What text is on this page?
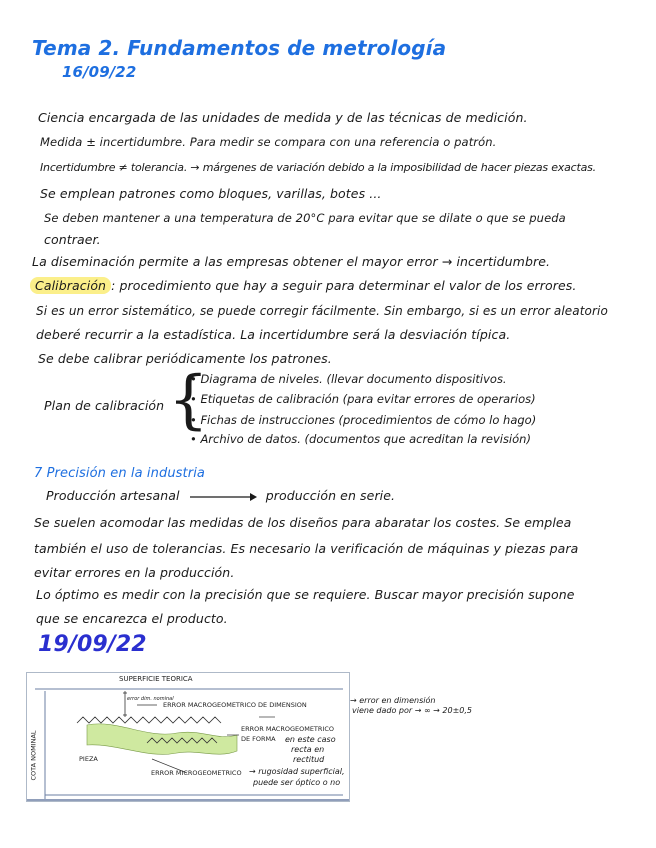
Tema 2. Fundamentos de metrología
16/09/22
Ciencia encargada de las unidades de medida y de las técnicas de medición.
Medida ± incertidumbre. Para medir se compara con una referencia o patrón.
Incertidumbre ≠ tolerancia. → márgenes de variación debido a la imposibilidad de hacer piezas exactas.
Se emplean patrones como bloques, varillas, botes ...
Se deben mantener a una temperatura de 20°C para evitar que se dilate o que se pueda
contraer.
La diseminación permite a las empresas obtener el mayor error → incertidumbre.
Calibración : procedimiento que hay a seguir para determinar el valor de los errores.
Si es un error sistemático, se puede corregir fácilmente. Sin embargo, si es un error aleatorio
deberé recurrir a la estadística. La incertidumbre será la desviación típica.
Se debe calibrar periódicamente los patrones.
Plan de calibración {
• Diagrama de niveles. (llevar documento dispositivos.
• Etiquetas de calibración (para evitar errores de operarios)
• Fichas de instrucciones (procedimientos de cómo lo hago)
• Archivo de datos. (documentos que acreditan la revisión)
7 Precisión en la industria
Producción artesanal	producción en serie.
Se suelen acomodar las medidas de los diseños para abaratar los costes. Se emplea
también el uso de tolerancias. Es necesario la verificación de máquinas y piezas para
evitar errores en la producción.
Lo óptimo es medir con la precisión que se requiere. Buscar mayor precisión supone
que se encarezca el producto.
19/09/22
SUPERFICIE TEORICA
COTA NOMINAL
error dim. nominal
ERROR MACROGEOMETRICO DE DIMENSION
ERROR MACROGEOMETRICO
DE FORMA
PIEZA
ERROR MICROGEOMETRICO
en este caso
recta en
rectitud
→ rugosidad superficial,
puede ser óptico o no
→ error en dimensión
viene dado por → ∞ → 20±0,5
